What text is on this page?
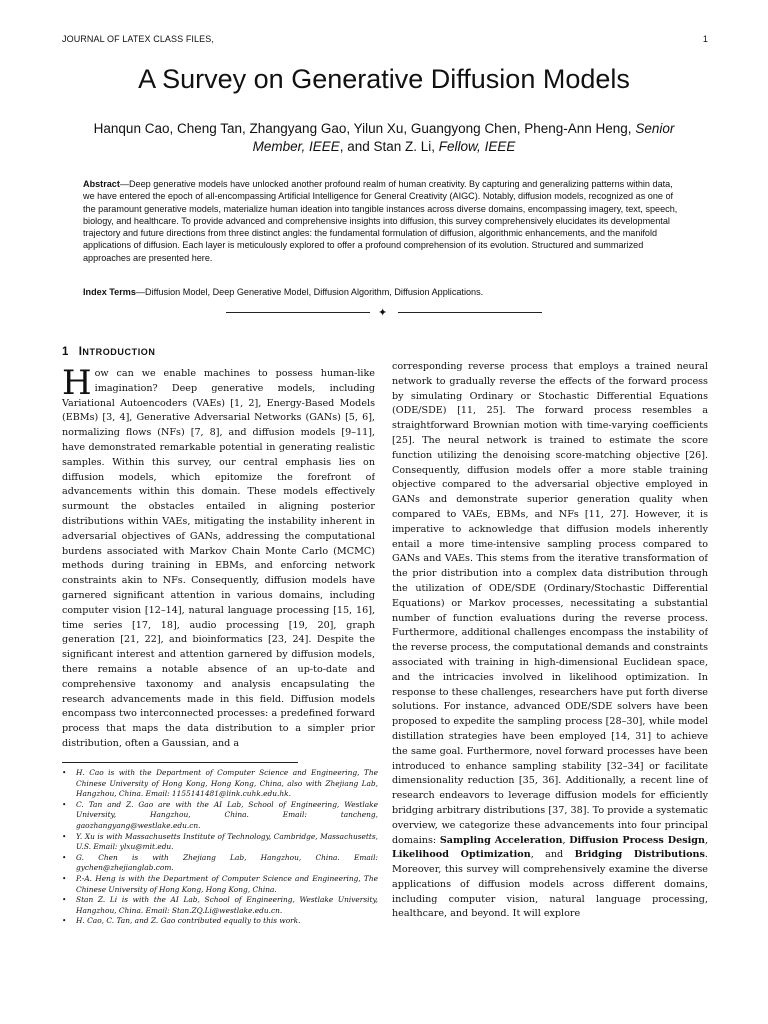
JOURNAL OF LATEX CLASS FILES,	1
A Survey on Generative Diffusion Models
Hanqun Cao, Cheng Tan, Zhangyang Gao, Yilun Xu, Guangyong Chen, Pheng-Ann Heng, Senior Member, IEEE, and Stan Z. Li, Fellow, IEEE
Abstract—Deep generative models have unlocked another profound realm of human creativity. By capturing and generalizing patterns within data, we have entered the epoch of all-encompassing Artificial Intelligence for General Creativity (AIGC). Notably, diffusion models, recognized as one of the paramount generative models, materialize human ideation into tangible instances across diverse domains, encompassing imagery, text, speech, biology, and healthcare. To provide advanced and comprehensive insights into diffusion, this survey comprehensively elucidates its developmental trajectory and future directions from three distinct angles: the fundamental formulation of diffusion, algorithmic enhancements, and the manifold applications of diffusion. Each layer is meticulously explored to offer a profound comprehension of its evolution. Structured and summarized approaches are presented here.
Index Terms—Diffusion Model, Deep Generative Model, Diffusion Algorithm, Diffusion Applications.
✦
1 INTRODUCTION

How can we enable machines to possess human-like imagination? Deep generative models, including Variational Autoencoders (VAEs) [1, 2], Energy-Based Models (EBMs) [3, 4], Generative Adversarial Networks (GANs) [5, 6], normalizing flows (NFs) [7, 8], and diffusion models [9–11], have demonstrated remarkable potential in generating realistic samples. Within this survey, our central emphasis lies on diffusion models, which epitomize the forefront of advancements within this domain. These models effectively surmount the obstacles entailed in aligning posterior distributions within VAEs, mitigating the instability inherent in adversarial objectives of GANs, addressing the computational burdens associated with Markov Chain Monte Carlo (MCMC) methods during training in EBMs, and enforcing network constraints akin to NFs. Consequently, diffusion models have garnered significant attention in various domains, including computer vision [12–14], natural language processing [15, 16], time series [17, 18], audio processing [19, 20], graph generation [21, 22], and bioinformatics [23, 24]. Despite the significant interest and attention garnered by diffusion models, there remains a notable absence of an up-to-date and comprehensive taxonomy and analysis encapsulating the research advancements made in this field. Diffusion models encompass two interconnected processes: a predefined forward process that maps the data distribution to a simpler prior distribution, often a Gaussian, and a

• H. Cao is with the Department of Computer Science and Engineering, The Chinese University of Hong Kong, Hong Kong, China, also with Zhejiang Lab, Hangzhou, China. Email: 1155141481@link.cuhk.edu.hk.
• C. Tan and Z. Gao are with the AI Lab, School of Engineering, Westlake University, Hangzhou, China. Email: tancheng, gaozhangyang@westlake.edu.cn.
• Y. Xu is with Massachusetts Institute of Technology, Cambridge, Massachusetts, U.S. Email: ylxu@mit.edu.
• G. Chen is with Zhejiang Lab, Hangzhou, China. Email: gychen@zhejianglab.com.
• P.-A. Heng is with the Department of Computer Science and Engineering, The Chinese University of Hong Kong, Hong Kong, China.
• Stan Z. Li is with the AI Lab, School of Engineering, Westlake University, Hangzhou, China. Email: Stan.ZQ.Li@westlake.edu.cn.
• H. Cao, C. Tan, and Z. Gao contributed equally to this work.

corresponding reverse process that employs a trained neural network to gradually reverse the effects of the forward process by simulating Ordinary or Stochastic Differential Equations (ODE/SDE) [11, 25]. The forward process resembles a straightforward Brownian motion with time-varying coefficients [25]. The neural network is trained to estimate the score function utilizing the denoising score-matching objective [26]. Consequently, diffusion models offer a more stable training objective compared to the adversarial objective employed in GANs and demonstrate superior generation quality when compared to VAEs, EBMs, and NFs [11, 27]. However, it is imperative to acknowledge that diffusion models inherently entail a more time-intensive sampling process compared to GANs and VAEs. This stems from the iterative transformation of the prior distribution into a complex data distribution through the utilization of ODE/SDE (Ordinary/Stochastic Differential Equations) or Markov processes, necessitating a substantial number of function evaluations during the reverse process. Furthermore, additional challenges encompass the instability of the reverse process, the computational demands and constraints associated with training in high-dimensional Euclidean space, and the intricacies involved in likelihood optimization. In response to these challenges, researchers have put forth diverse solutions. For instance, advanced ODE/SDE solvers have been proposed to expedite the sampling process [28–30], while model distillation strategies have been employed [14, 31] to achieve the same goal. Furthermore, novel forward processes have been introduced to enhance sampling stability [32–34] or facilitate dimensionality reduction [35, 36]. Additionally, a recent line of research endeavors to leverage diffusion models for efficiently bridging arbitrary distributions [37, 38]. To provide a systematic overview, we categorize these advancements into four principal domains: Sampling Acceleration, Diffusion Process Design, Likelihood Optimization, and Bridging Distributions. Moreover, this survey will comprehensively examine the diverse applications of diffusion models across different domains, including computer vision, natural language processing, healthcare, and beyond. It will explore
